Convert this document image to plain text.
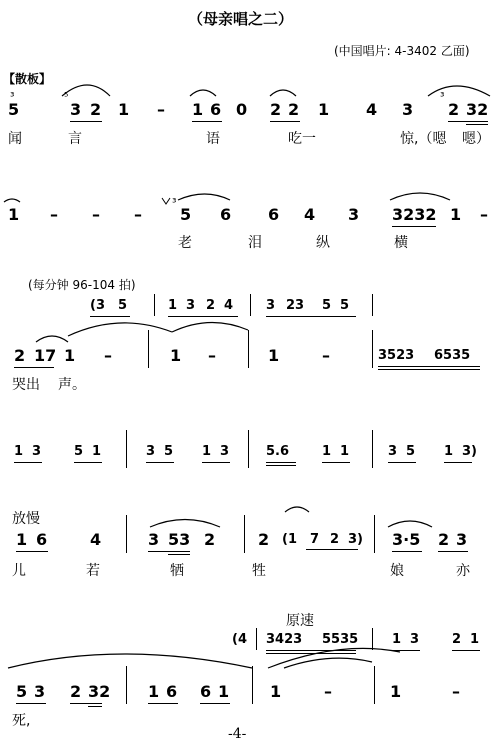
（母亲唱之二）
(中国唱片: 4-3402 乙面)
【散板】
³
5
⁵
3 2 1 – 1 6 0 2 2 1 4 3
³
2 32
闻	言	语	吃一	惊,（嗯 嗯）
1 – – –
³
5 6 6 4 3 3232 1 –
老	泪	纵	横
(每分钟 96-104 拍)
(3 5	1 3 2 4	3 23 5 5
2 17 1 –	1 –	1	–	3523 6535
哭出 声。
1 3	5 1	3 5 1 3	5.6	1 1	3 5 1 3)
放慢
1 6	4	3 53 2	2 (1 7 2 3) 3·5 2 3
儿	若	牺	牲	娘	亦
原速
(4 3423 5535	1 3	2 1
5 3 2 32 1 6 6 1	1	–	1	–
死,
-4-
